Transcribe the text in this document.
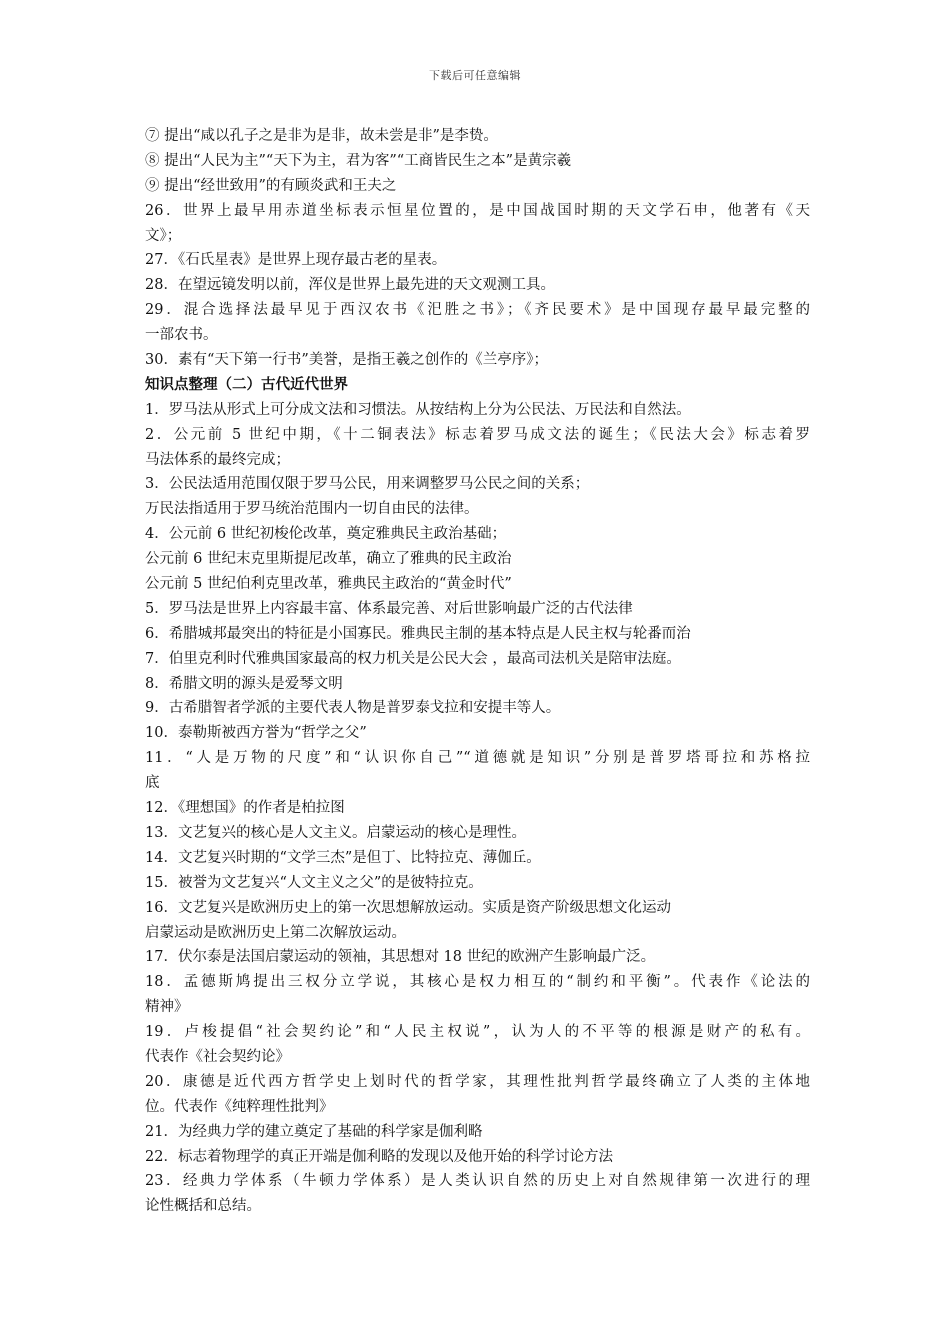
下载后可任意编辑
⑦ 提出“咸以孔子之是非为是非，故未尝是非”是李贽。
⑧ 提出“人民为主”“天下为主，君为客”“工商皆民生之本”是黄宗羲
⑨ 提出“经世致用”的有顾炎武和王夫之
26．世界上最早用赤道坐标表示恒星位置的，是中国战国时期的天文学石申，他著有《天
文》；
27．《石氏星表》是世界上现存最古老的星表。
28．在望远镜发明以前，浑仪是世界上最先进的天文观测工具。
29．混合选择法最早见于西汉农书《汜胜之书》；《齐民要术》是中国现存最早最完整的
一部农书。
30．素有“天下第一行书”美誉，是指王羲之创作的《兰亭序》；
知识点整理（二）古代近代世界
1．罗马法从形式上可分成文法和习惯法。从按结构上分为公民法、万民法和自然法。
2．公元前 5 世纪中期，《十二铜表法》标志着罗马成文法的诞生；《民法大会》标志着罗
马法体系的最终完成；
3．公民法适用范围仅限于罗马公民，用来调整罗马公民之间的关系；
万民法指适用于罗马统治范围内一切自由民的法律。
4．公元前 6 世纪初梭伦改革，奠定雅典民主政治基础；
公元前 6 世纪末克里斯提尼改革，确立了雅典的民主政治
公元前 5 世纪伯利克里改革，雅典民主政治的“黄金时代”
5．罗马法是世界上内容最丰富、体系最完善、对后世影响最广泛的古代法律
6．希腊城邦最突出的特征是小国寡民。雅典民主制的基本特点是人民主权与轮番而治
7．伯里克利时代雅典国家最高的权力机关是公民大会 ，最高司法机关是陪审法庭。
8．希腊文明的源头是爱琴文明
9．古希腊智者学派的主要代表人物是普罗泰戈拉和安提丰等人。
10．泰勒斯被西方誉为“哲学之父”
11．“人是万物的尺度”和“认识你自己”“道德就是知识”分别是普罗塔哥拉和苏格拉
底
12．《理想国》的作者是柏拉图
13．文艺复兴的核心是人文主义。启蒙运动的核心是理性。
14．文艺复兴时期的“文学三杰”是但丁、比特拉克、薄伽丘。
15．被誉为文艺复兴“人文主义之父”的是彼特拉克。
16．文艺复兴是欧洲历史上的第一次思想解放运动。实质是资产阶级思想文化运动
启蒙运动是欧洲历史上第二次解放运动。
17．伏尔泰是法国启蒙运动的领袖，其思想对 18 世纪的欧洲产生影响最广泛。
18．孟德斯鸠提出三权分立学说，其核心是权力相互的“制约和平衡”。代表作《论法的
精神》
19．卢梭提倡“社会契约论”和“人民主权说”，认为人的不平等的根源是财产的私有。
代表作《社会契约论》
20．康德是近代西方哲学史上划时代的哲学家，其理性批判哲学最终确立了人类的主体地
位。代表作《纯粹理性批判》
21．为经典力学的建立奠定了基础的科学家是伽利略
22．标志着物理学的真正开端是伽利略的发现以及他开始的科学讨论方法
23．经典力学体系（牛顿力学体系）是人类认识自然的历史上对自然规律第一次进行的理
论性概括和总结。
